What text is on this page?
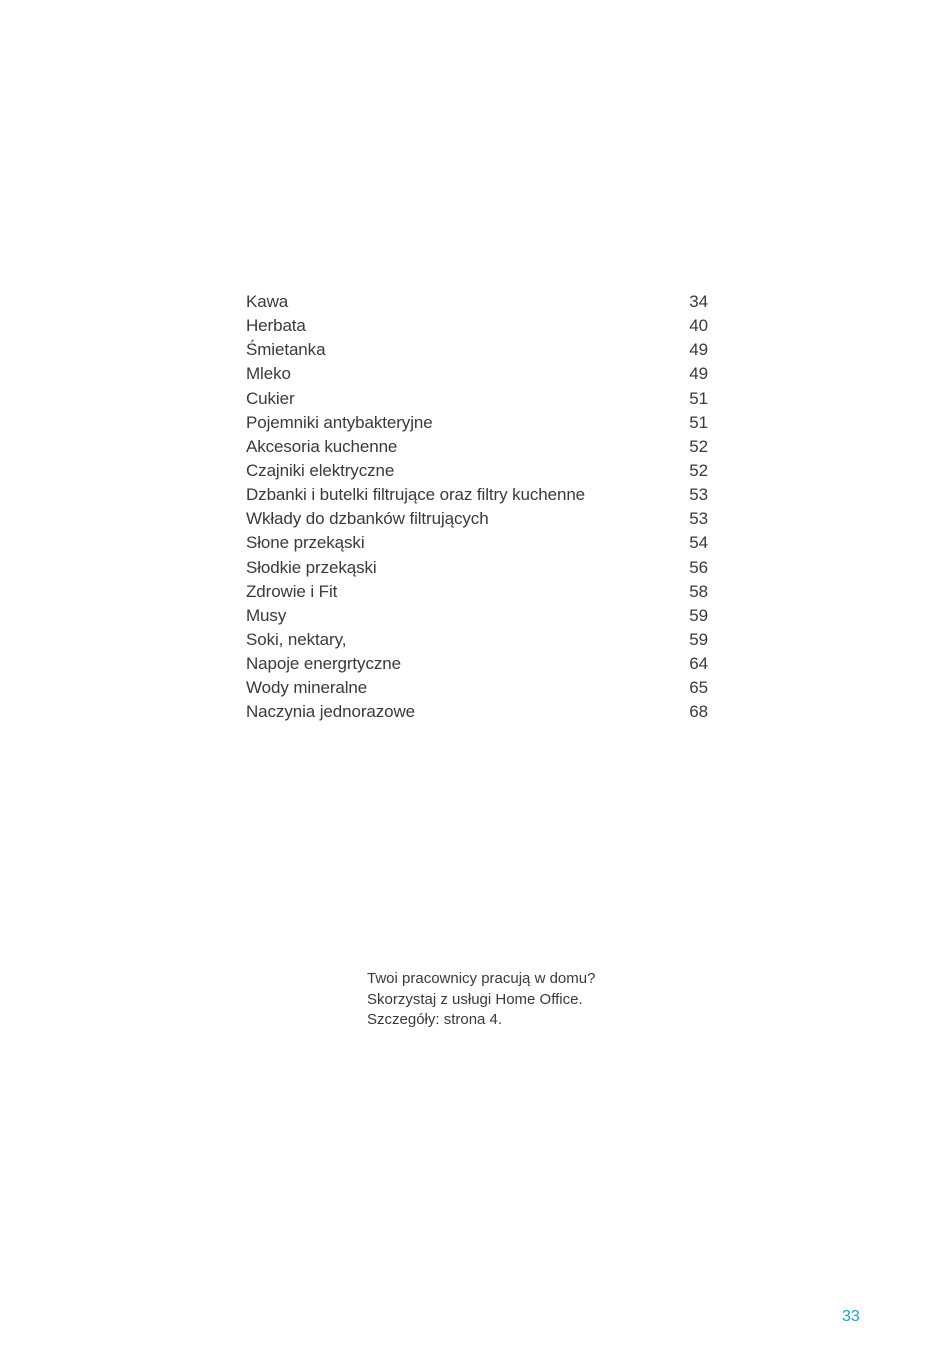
Kawa	34
Herbata	40
Śmietanka	49
Mleko	49
Cukier	51
Pojemniki antybakteryjne	51
Akcesoria kuchenne	52
Czajniki elektryczne	52
Dzbanki i butelki filtrujące oraz filtry kuchenne	53
Wkłady do dzbanków filtrujących	53
Słone przekąski	54
Słodkie przekąski	56
Zdrowie i Fit	58
Musy	59
Soki, nektary,	59
Napoje energrtyczne	64
Wody mineralne	65
Naczynia jednorazowe	68
Twoi pracownicy pracują w domu?
Skorzystaj z usługi Home Office.
Szczegóły: strona 4.
33
